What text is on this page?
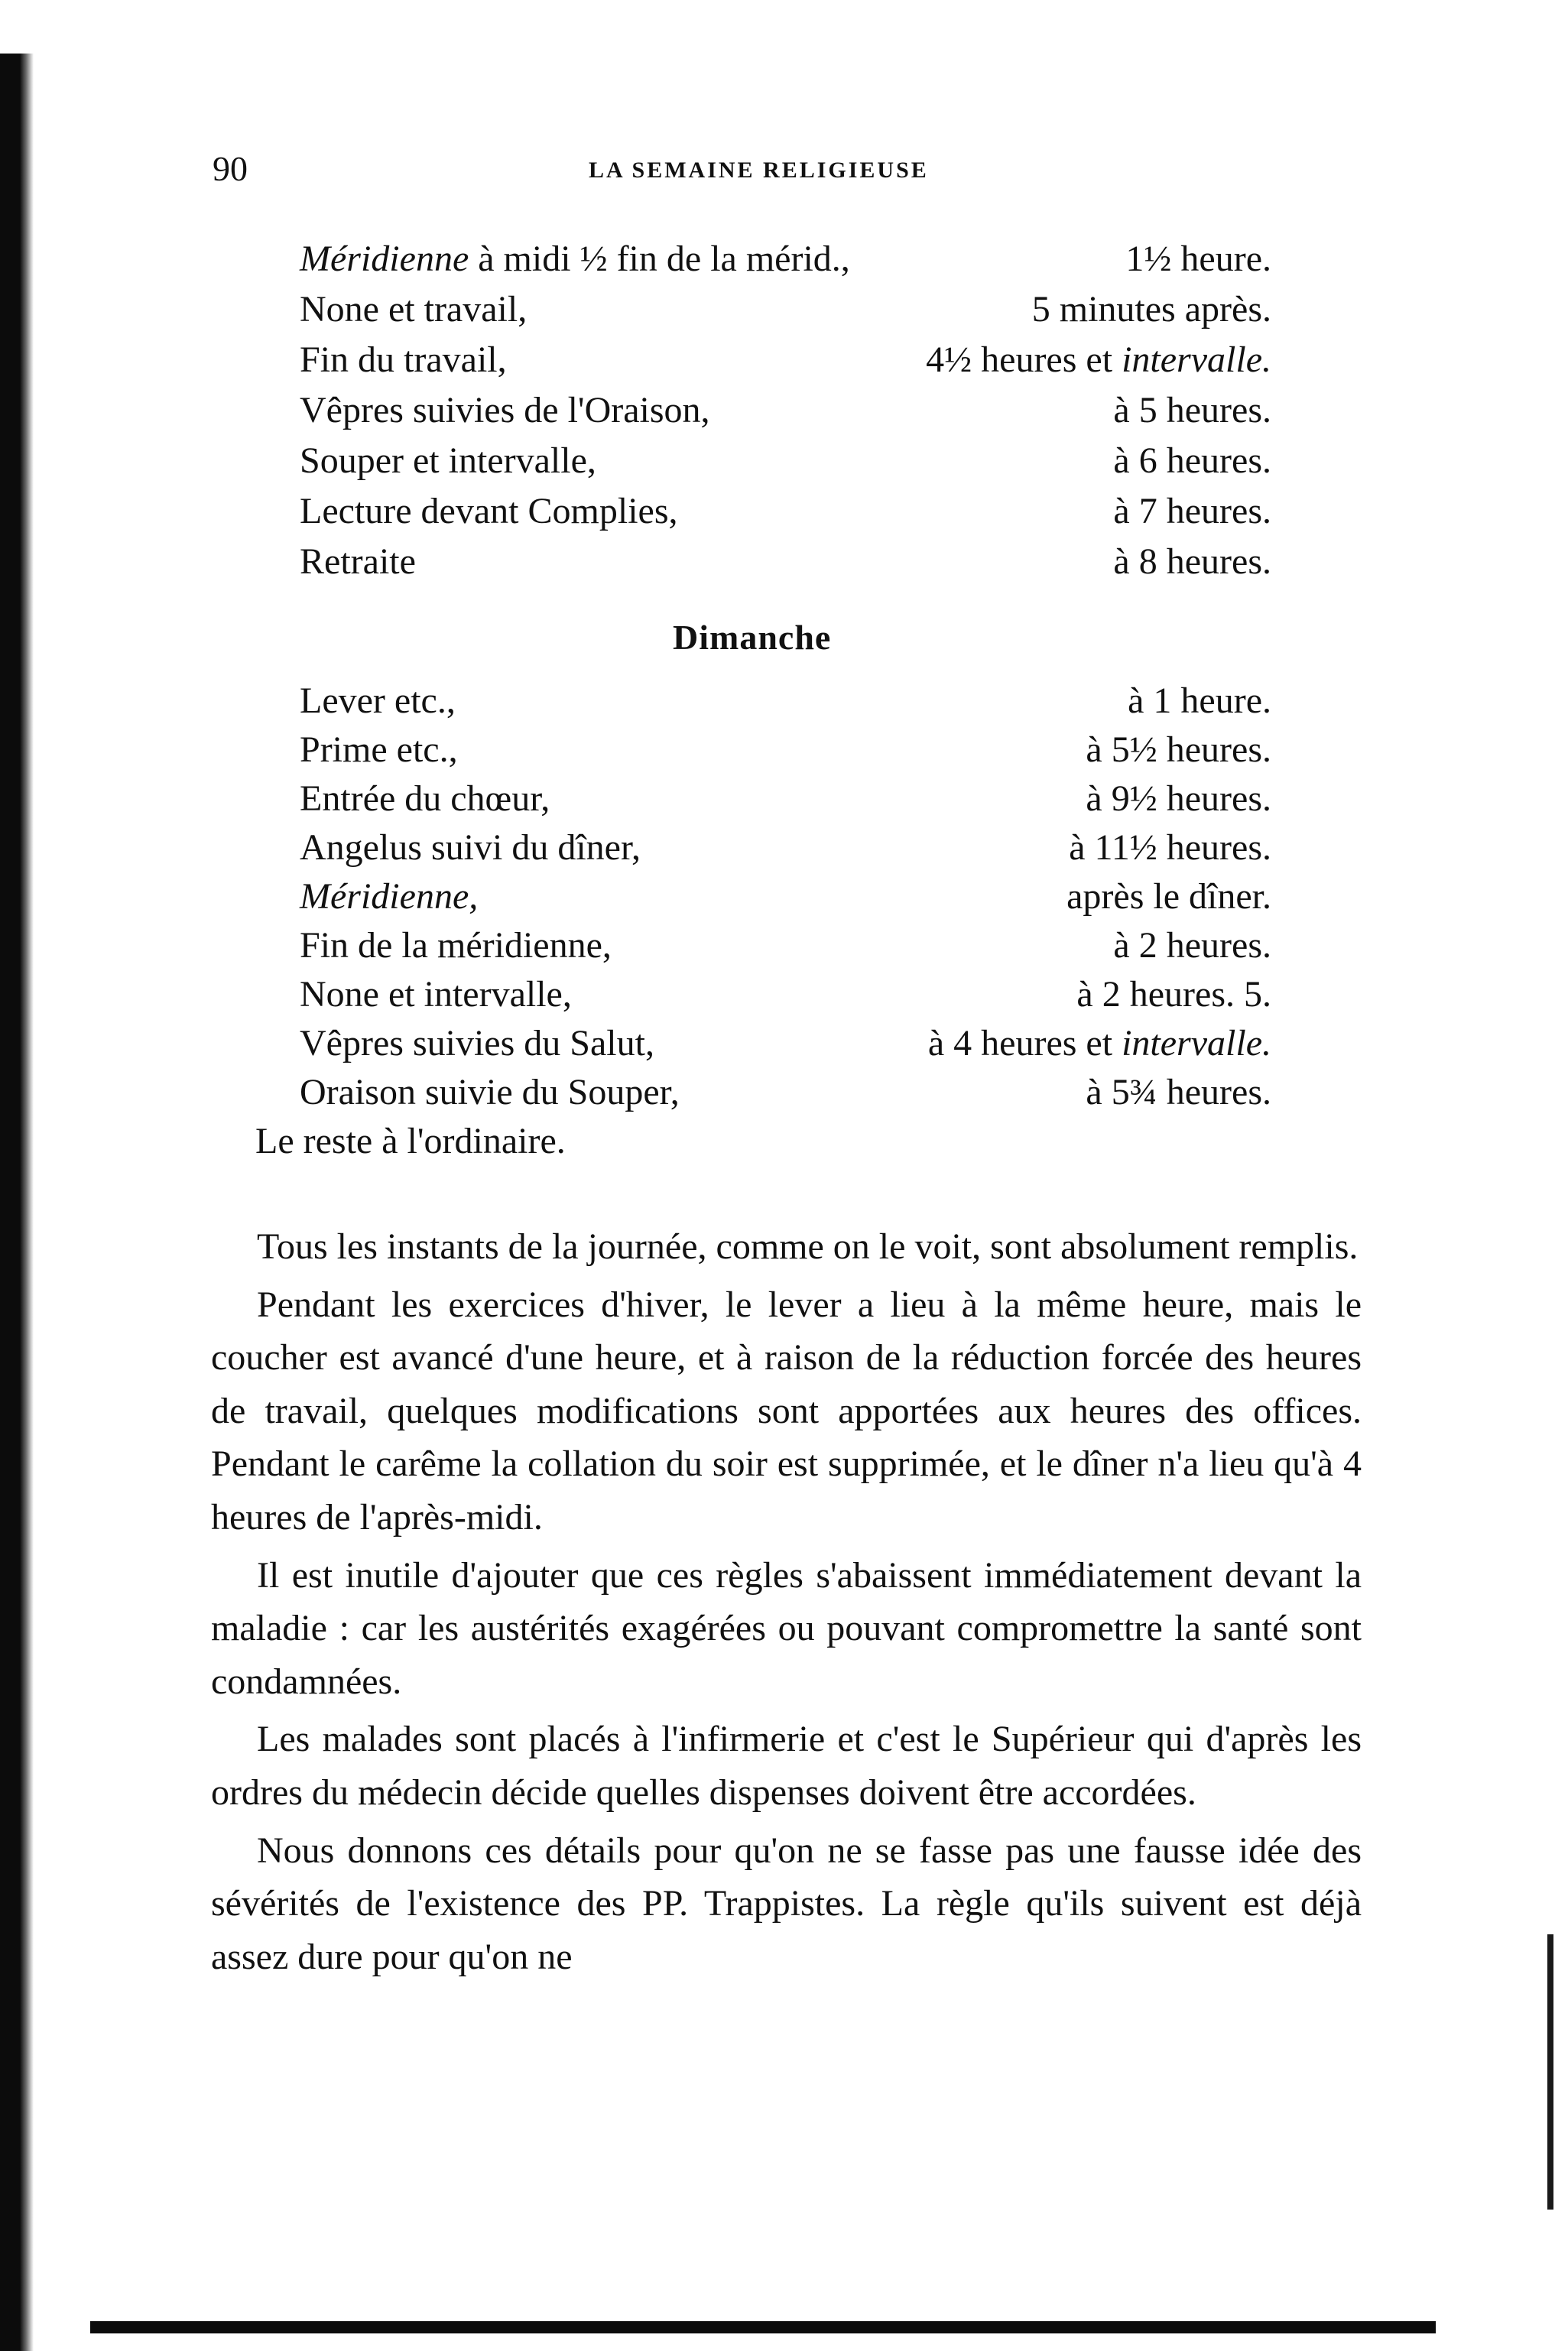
90	LA SEMAINE RELIGIEUSE
Méridienne à midi ½ fin de la mérid.,	1½ heure.
None et travail,	5 minutes après.
Fin du travail,	4½ heures et intervalle.
Vêpres suivies de l'Oraison,	à 5 heures.
Souper et intervalle,	à 6 heures.
Lecture devant Complies,	à 7 heures.
Retraite	à 8 heures.
Dimanche
Lever etc.,	à 1 heure.
Prime etc.,	à 5½ heures.
Entrée du chœur,	à 9½ heures.
Angelus suivi du dîner,	à 11½ heures.
Méridienne,	après le dîner.
Fin de la méridienne,	à 2 heures.
None et intervalle,	à 2 heures. 5.
Vêpres suivies du Salut,	à 4 heures et intervalle.
Oraison suivie du Souper,	à 5¾ heures.
Le reste à l'ordinaire.

Tous les instants de la journée, comme on le voit, sont absolument remplis.

Pendant les exercices d'hiver, le lever a lieu à la même heure, mais le coucher est avancé d'une heure, et à raison de la réduction forcée des heures de travail, quelques modifications sont apportées aux heures des offices. Pendant le carême la collation du soir est supprimée, et le dîner n'a lieu qu'à 4 heures de l'après-midi.

Il est inutile d'ajouter que ces règles s'abaissent immédiatement devant la maladie : car les austérités exagérées ou pouvant compromettre la santé sont condamnées.

Les malades sont placés à l'infirmerie et c'est le Supérieur qui d'après les ordres du médecin décide quelles dispenses doivent être accordées.

Nous donnons ces détails pour qu'on ne se fasse pas une fausse idée des sévérités de l'existence des PP. Trappistes. La règle qu'ils suivent est déjà assez dure pour qu'on ne
